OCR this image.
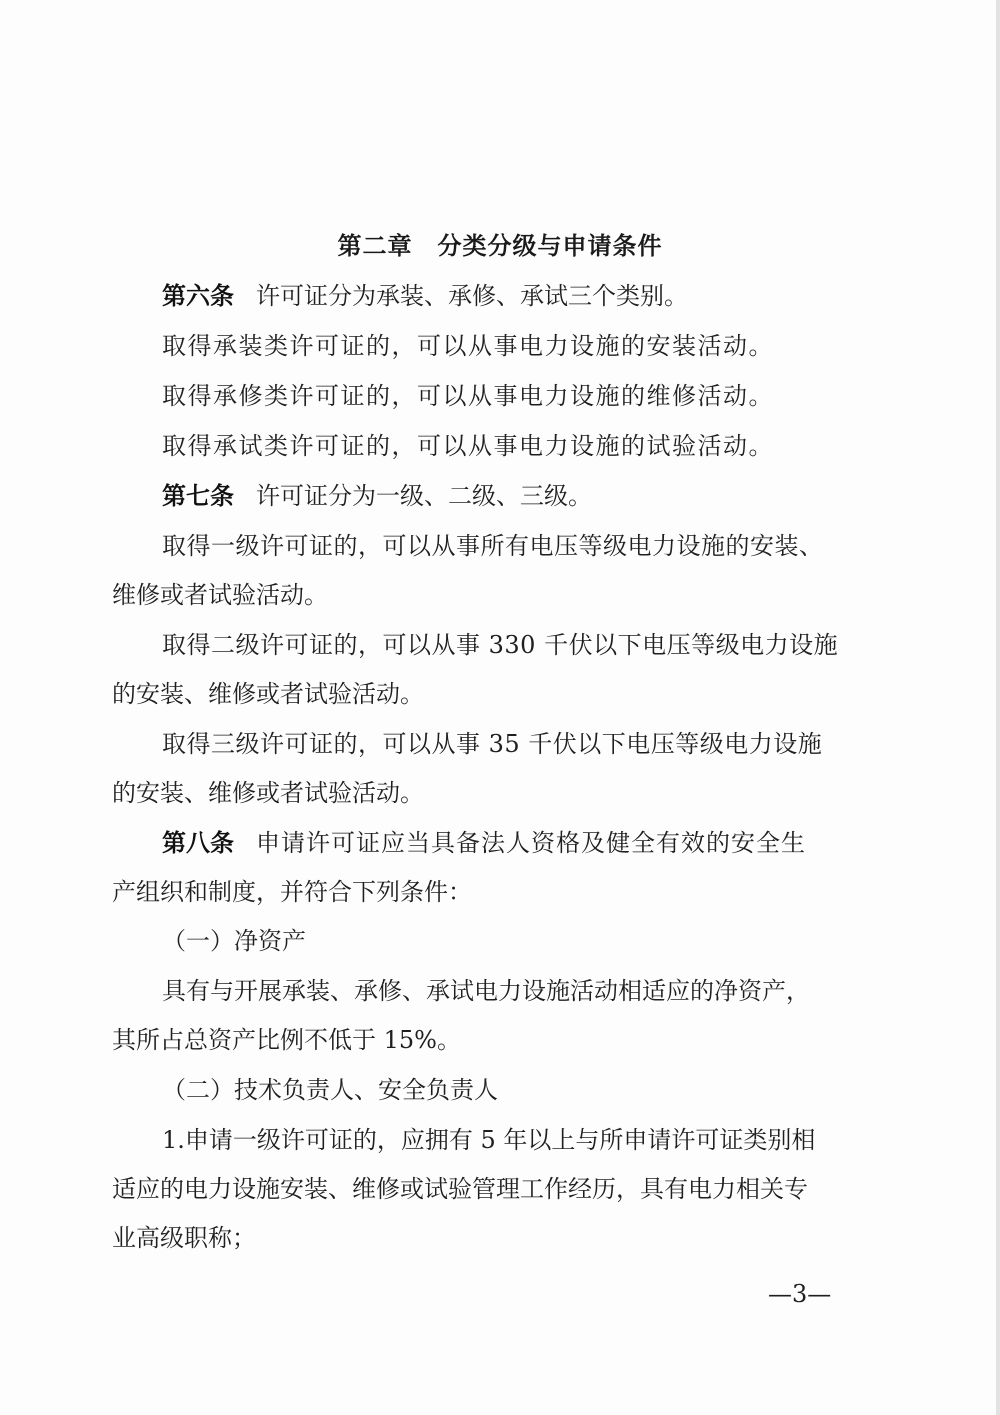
第二章　分类分级与申请条件
第六条 许可证分为承装、承修、承试三个类别。
取得承装类许可证的，可以从事电力设施的安装活动。
取得承修类许可证的，可以从事电力设施的维修活动。
取得承试类许可证的，可以从事电力设施的试验活动。
第七条 许可证分为一级、二级、三级。
取得一级许可证的，可以从事所有电压等级电力设施的安装、
维修或者试验活动。
取得二级许可证的，可以从事 330 千伏以下电压等级电力设施
的安装、维修或者试验活动。
取得三级许可证的，可以从事 35 千伏以下电压等级电力设施
的安装、维修或者试验活动。
第八条 申请许可证应当具备法人资格及健全有效的安全生
产组织和制度，并符合下列条件：
（一）净资产
具有与开展承装、承修、承试电力设施活动相适应的净资产，
其所占总资产比例不低于 15%。
（二）技术负责人、安全负责人
1.申请一级许可证的，应拥有 5 年以上与所申请许可证类别相
适应的电力设施安装、维修或试验管理工作经历，具有电力相关专
业高级职称；
—3—
